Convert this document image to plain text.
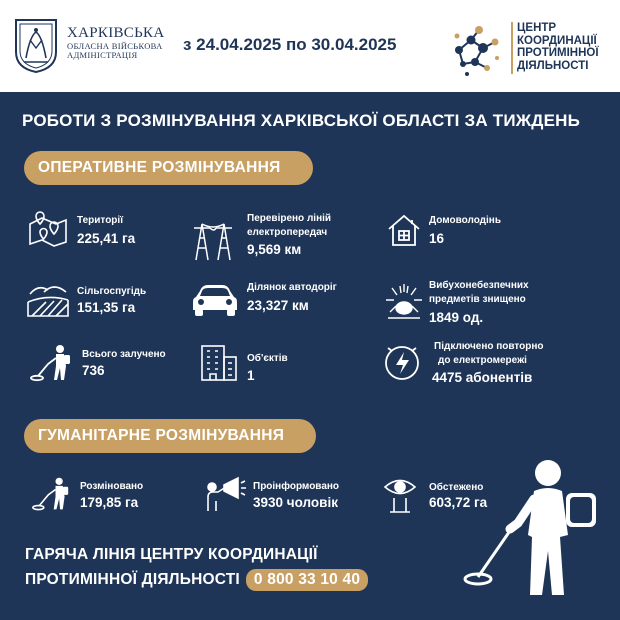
ХАРКІВСЬКА
ОБЛАСНА ВІЙСЬКОВА
АДМІНІСТРАЦІЯ
з 24.04.2025 по 30.04.2025
ЦЕНТР
КООРДИНАЦІЇ
ПРОТИМІННОЇ
ДІЯЛЬНОСТІ
РОБОТИ З РОЗМІНУВАННЯ ХАРКІВСЬКОЇ ОБЛАСТІ ЗА ТИЖДЕНЬ
ОПЕРАТИВНЕ РОЗМІНУВАННЯ
Території
225,41 га
Перевірено ліній
електропередач
9,569 км
Домоволодінь
16
Сільгоспугідь
151,35 га
Ділянок автодоріг
23,327 км
Вибухонебезпечних
предметів знищено
1849 од.
Всього залучено
736
Об'єктів
1
Підключено повторно
до електромережі
4475 абонентів
ГУМАНІТАРНЕ РОЗМІНУВАННЯ
Розміновано
179,85 га
Проінформовано
3930 чоловік
Обстежено
603,72 га
ГАРЯЧА ЛІНІЯ ЦЕНТРУ КООРДИНАЦІЇ
ПРОТИМІННОЇ ДІЯЛЬНОСТІ 0 800 33 10 40
